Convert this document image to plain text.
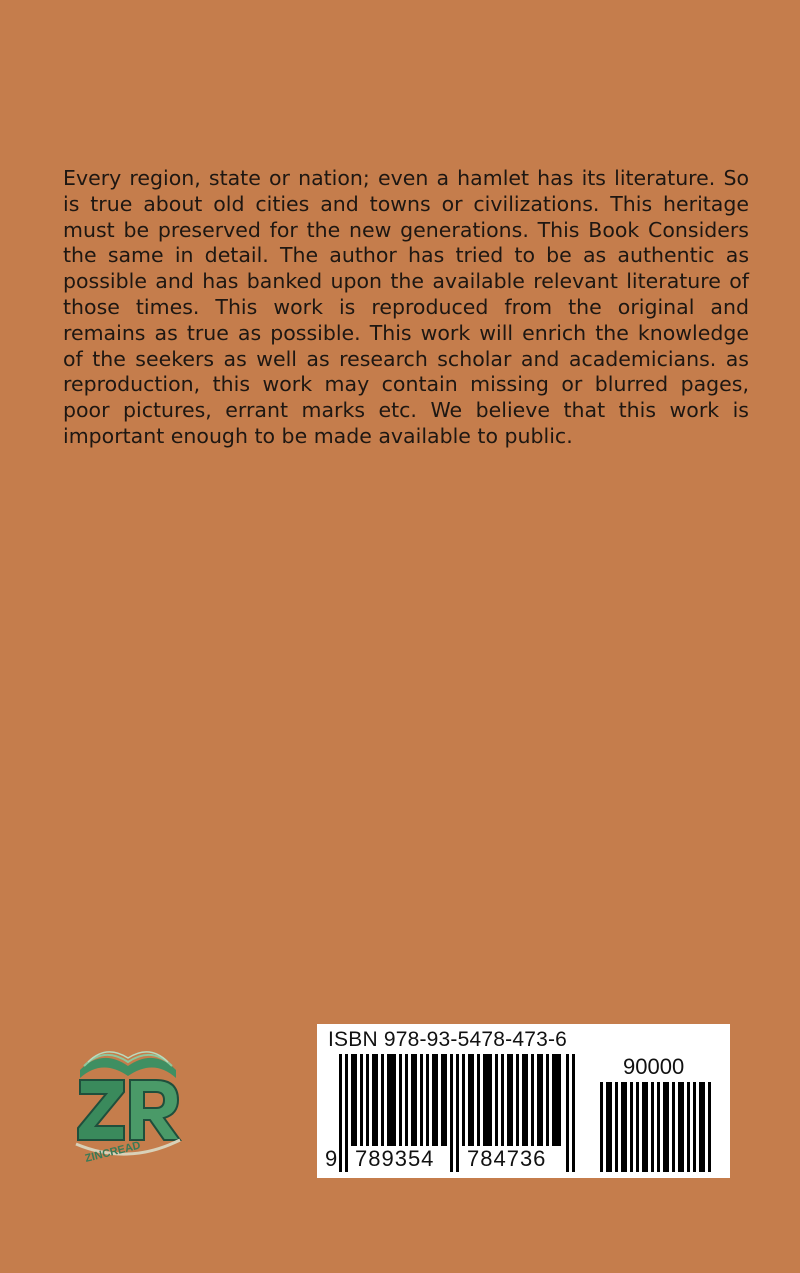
Every region, state or nation; even a hamlet has its literature. So is true about old cities and towns or civilizations. This heritage must be preserved for the new generations. This Book Considers the same in detail. The author has tried to be as authentic as possible and has banked upon the available relevant literature of those times. This work is reproduced from the original and remains as true as possible. This work will enrich the knowledge of the seekers as well as research scholar and academicians. as reproduction, this work may contain missing or blurred pages, poor pictures, errant marks etc. We believe that this work is important enough to be made available to public.

ZINCREAD
ISBN 978-93-5478-473-6
90000
9 789354 784736
